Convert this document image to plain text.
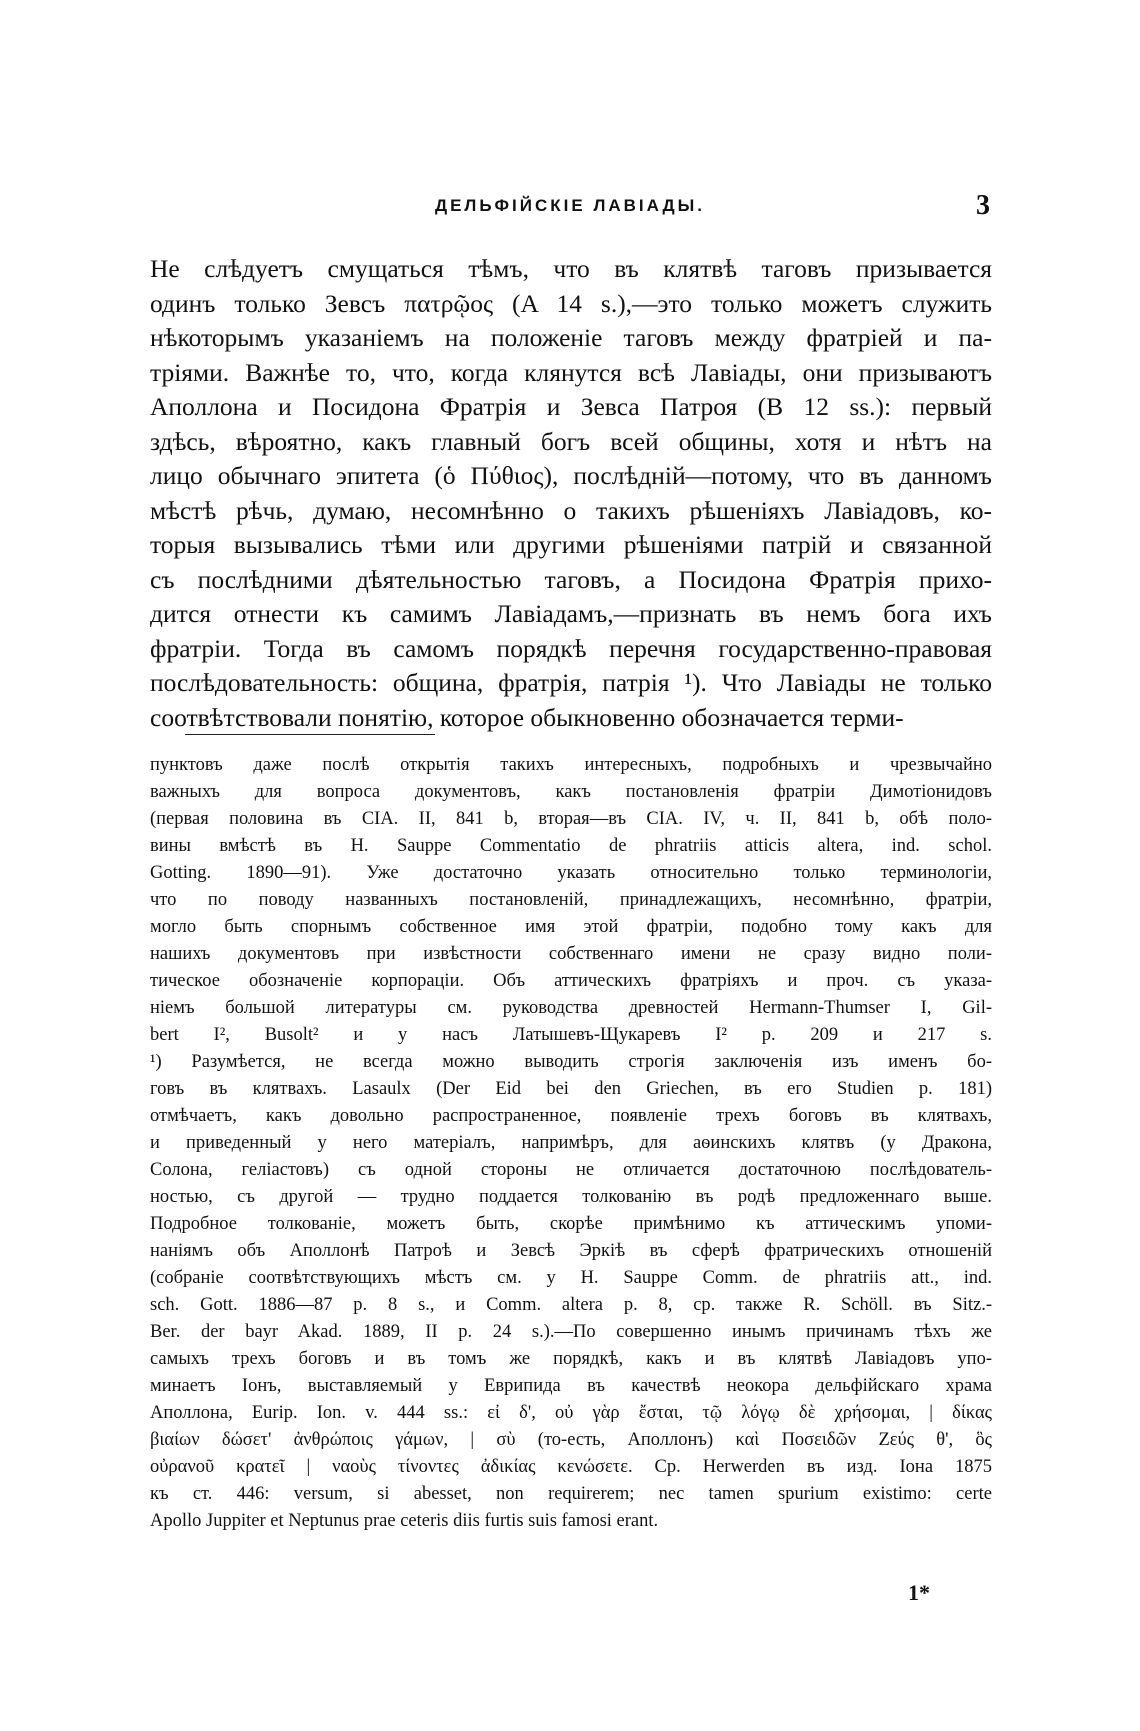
ДЕЛЬФІЙСКІЕ ЛАВІАДЫ.	3
Не слѣдуетъ смущаться тѣмъ, что въ клятвѣ таговъ призывается
одинъ только Зевсъ πατρῷος (A 14 s.),—это только можетъ служить
нѣкоторымъ указаніемъ на положеніе таговъ между фратріей и па-
тріями. Важнѣе то, что, когда клянутся всѣ Лавіады, они призываютъ
Аполлона и Посидона Фратрія и Зевса Патроя (B 12 ss.): первый
здѣсь, вѣроятно, какъ главный богъ всей общины, хотя и нѣтъ на
лицо обычнаго эпитета (ὁ Πύθιος), послѣдній—потому, что въ данномъ
мѣстѣ рѣчь, думаю, несомнѣнно о такихъ рѣшеніяхъ Лавіадовъ, ко-
торыя вызывались тѣми или другими рѣшеніями патрій и связанной
съ послѣдними дѣятельностью таговъ, а Посидона Фратрія прихо-
дится отнести къ самимъ Лавіадамъ,—признать въ немъ бога ихъ
фратріи. Тогда въ самомъ порядкѣ перечня государственно-правовая
послѣдовательность: община, фратрія, патрія ¹). Что Лавіады не только
соотвѣтствовали понятію, которое обыкновенно обозначается терми-
пунктовъ даже послѣ открытія такихъ интересныхъ, подробныхъ и чрезвычайно
важныхъ для вопроса документовъ, какъ постановленія фратріи Димотіонидовъ
(первая половина въ CIA. II, 841 b, вторая—въ CIA. IV, ч. II, 841 b, обѣ поло-
вины вмѣстѣ въ H. Sauppe Commentatio de phratriis atticis altera, ind. schol.
Gotting. 1890—91). Уже достаточно указать относительно только терминологіи,
что по поводу названныхъ постановленій, принадлежащихъ, несомнѣнно, фратріи,
могло быть спорнымъ собственное имя этой фратріи, подобно тому какъ для
нашихъ документовъ при извѣстности собственнаго имени не сразу видно поли-
тическое обозначеніе корпораціи. Объ аттическихъ фратріяхъ и проч. съ указа-
ніемъ большой литературы см. руководства древностей Hermann-Thumser I, Gil-
bert I², Busolt² и у насъ Латышевъ-Щукаревъ I² p. 209 и 217 s.
¹) Разумѣется, не всегда можно выводить строгія заключенія изъ именъ бо-
говъ въ клятвахъ. Lasaulx (Der Eid bei den Griechen, въ его Studien p. 181)
отмѣчаетъ, какъ довольно распространенное, появленіе трехъ боговъ въ клятвахъ,
и приведенный у него матеріалъ, напримѣръ, для аѳинскихъ клятвъ (у Дракона,
Солона, геліастовъ) съ одной стороны не отличается достаточною послѣдователь-
ностью, съ другой — трудно поддается толкованію въ родѣ предложеннаго выше.
Подробное толкованіе, можетъ быть, скорѣе примѣнимо къ аттическимъ упоми-
наніямъ объ Аполлонѣ Патроѣ и Зевсѣ Эркіѣ въ сферѣ фратрическихъ отношеній
(собраніе соотвѣтствующихъ мѣстъ см. у H. Sauppe Comm. de phratriis att., ind.
sch. Gott. 1886—87 p. 8 s., и Comm. altera p. 8, ср. также R. Schöll. въ Sitz.-
Ber. der bayr Akad. 1889, II p. 24 s.).—По совершенно инымъ причинамъ тѣхъ же
самыхъ трехъ боговъ и въ томъ же порядкѣ, какъ и въ клятвѣ Лавіадовъ упо-
минаетъ Іонъ, выставляемый у Еврипида въ качествѣ неокора дельфійскаго храма
Аполлона, Eurip. Ion. v. 444 ss.: εἰ δ', οὐ γὰρ ἔσται, τῷ λόγῳ δὲ χρήσομαι, | δίκας
βιαίων δώσετ' ἀνθρώποις γάμων, | σὺ (то-есть, Аполлонъ) καὶ Ποσειδῶν Ζεύς θ', ὃς
οὐρανοῦ κρατεῖ | ναοὺς τίνοντες ἀδικίας κενώσετε. Cp. Herwerden въ изд. Іона 1875
къ ст. 446: versum, si abesset, non requirerem; nec tamen spurium existimo: certe
Apollo Juppiter et Neptunus prae ceteris diis furtis suis famosi erant.
1*
